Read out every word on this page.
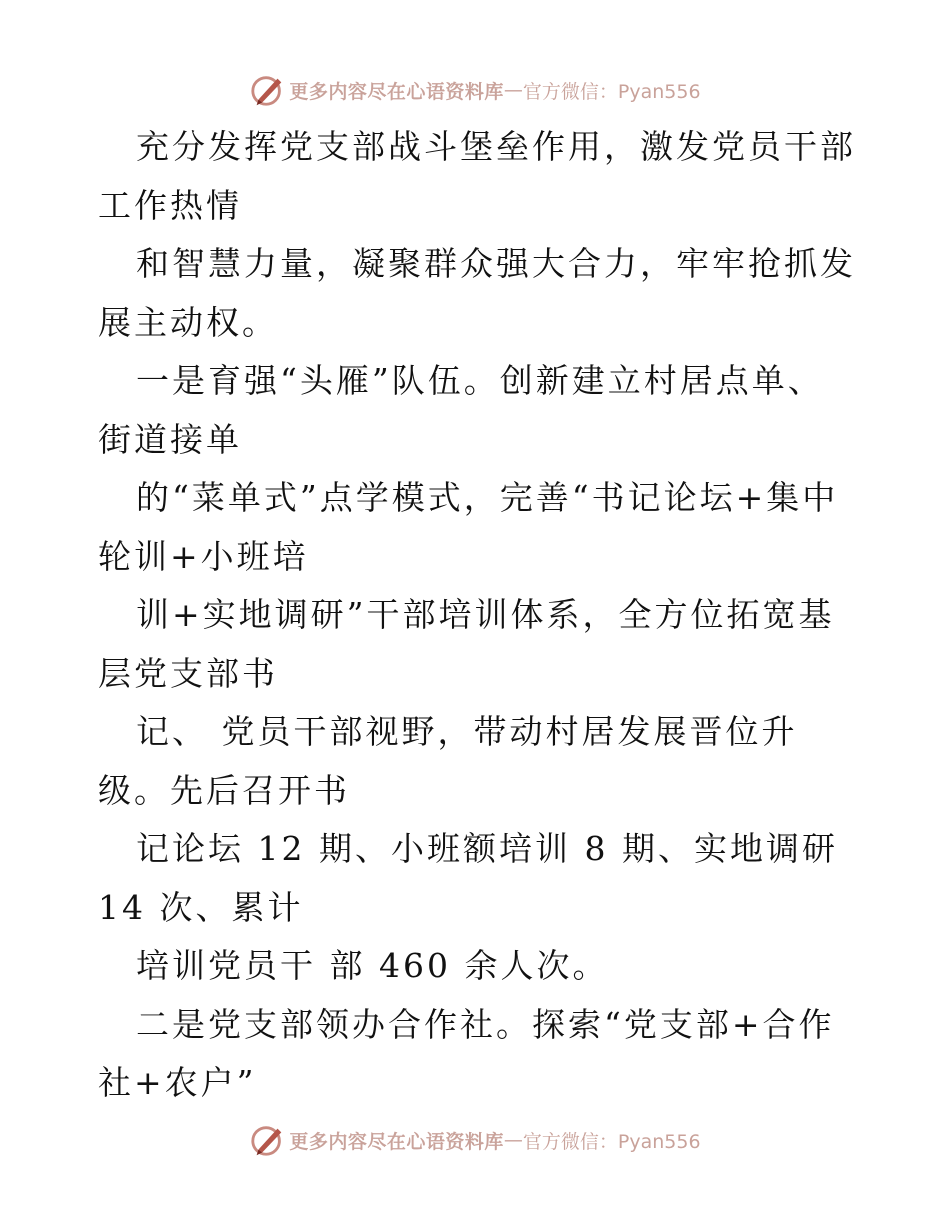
更多内容尽在心语资料库 — 官方微信：Pyan556

充分发挥党支部战斗堡垒作用，激发党员干部工作热情

和智慧力量，凝聚群众强大合力，牢牢抢抓发展主动权。

一是育强“头雁”队伍。创新建立村居点单、街道接单

的“菜单式”点学模式，完善“书记论坛+集中轮训+小班培

训+实地调研”干部培训体系，全方位拓宽基层党支部书

记、 党员干部视野，带动村居发展晋位升级。先后召开书

记论坛 12 期、小班额培训 8 期、实地调研 14 次、累计

培训党员干 部 460 余人次。

二是党支部领办合作社。探索“党支部+合作社+农户”

更多内容尽在心语资料库 — 官方微信：Pyan556
